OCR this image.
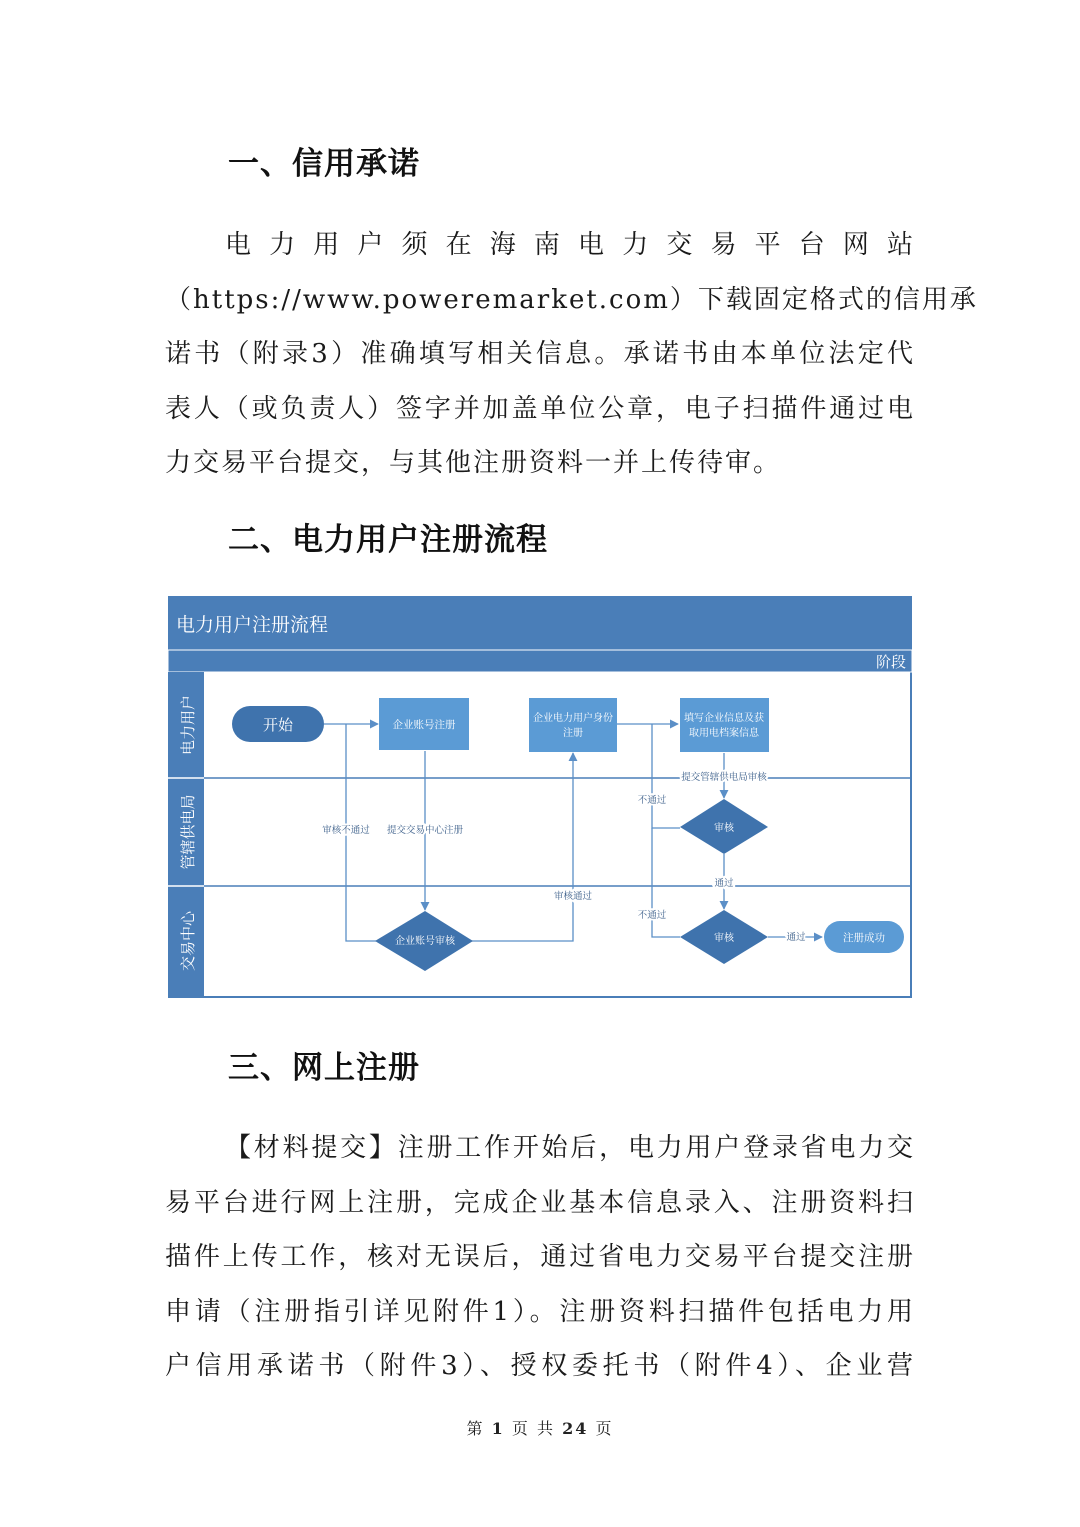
一、信用承诺

电力用户须在海南电力交易平台网站
（https://www.poweremarket.com）下载固定格式的信用承
诺书（附录3）准确填写相关信息。承诺书由本单位法定代
表人（或负责人）签字并加盖单位公章，电子扫描件通过电
力交易平台提交，与其他注册资料一并上传待审。

二、电力用户注册流程
电力用户注册流程
阶段
电力用户
管辖供电局
交易中心
开始	企业账号注册
企业电力用户身份
注册
填写企业信息及获
取用电档案信息
审核
企业账号审核	审核	注册成功
审核不通过 提交交易中心注册
审核通过
提交管辖供电局审核
不通过
通过
不通过
通过
三、网上注册

【材料提交】注册工作开始后，电力用户登录省电力交
易平台进行网上注册，完成企业基本信息录入、注册资料扫
描件上传工作，核对无误后，通过省电力交易平台提交注册
申请（注册指引详见附件1）。注册资料扫描件包括电力用
户信用承诺书（附件3）、授权委托书（附件4）、企业营

第 1 页 共 24 页
